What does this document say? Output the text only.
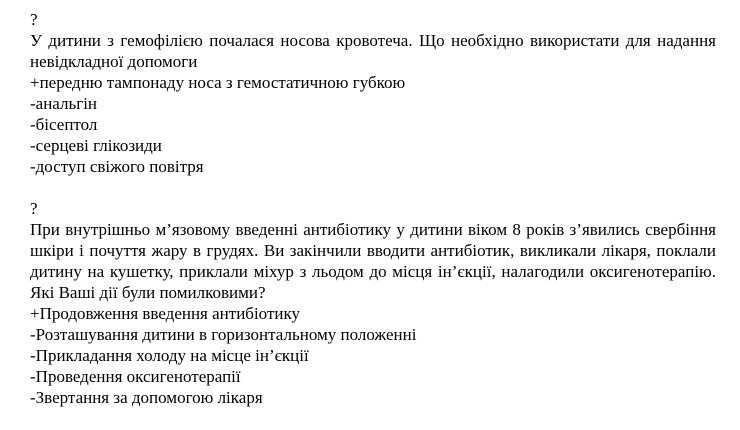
?
У дитини з гемофілією почалася носова кровотеча. Що необхідно використати для надання невідкладної допомоги
+передню тампонаду носа з гемостатичною губкою
-анальгін
-бісептол
-серцеві глікозиди
-доступ свіжого повітря
?
При внутрішньо м’язовому введенні антибіотику у дитини віком 8 років з’явились свербіння шкіри і почуття жару в грудях. Ви закінчили вводити антибіотик, викликали лікаря, поклали дитину на кушетку, приклали міхур з льодом до місця ін’єкції, налагодили оксигенотерапію. Які Ваші дії були помилковими?
+Продовження введення антибіотику
-Розташування дитини в горизонтальному положенні
-Прикладання холоду на місце ін’єкції
-Проведення оксигенотерапії
-Звертання за допомогою лікаря
